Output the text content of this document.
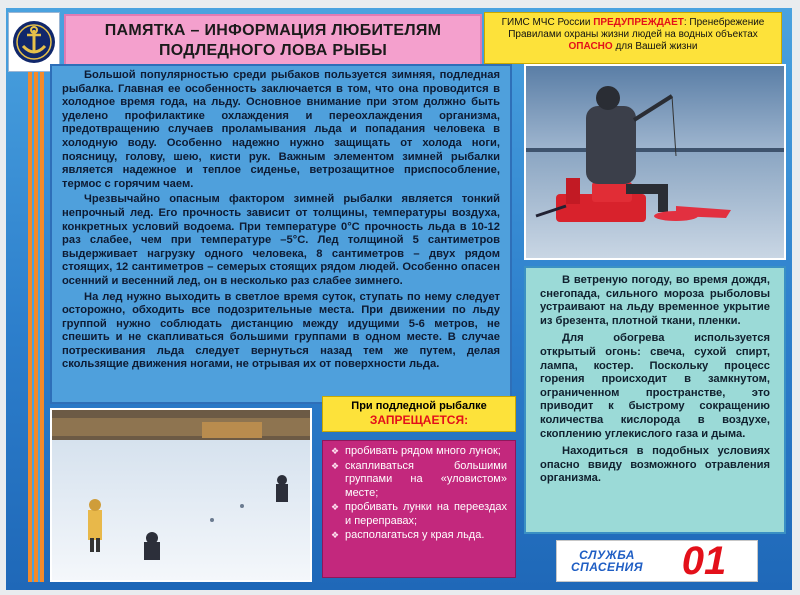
ПАМЯТКА – ИНФОРМАЦИЯ ЛЮБИТЕЛЯМ
ПОДЛЕДНОГО ЛОВА РЫБЫ
ГИМС МЧС России ПРЕДУПРЕЖДАЕТ: Пренебрежение Правилами охраны жизни людей на водных объектах ОПАСНО для Вашей жизни

Большой популярностью среди рыбаков пользуется зимняя, подледная рыбалка. Главная ее особенность заключается в том, что она проводится в холодное время года, на льду. Основное внимание при этом должно быть уделено профилактике охлаждения и переохлаждения организма, предотвращению случаев проламывания льда и попадания человека в холодную воду. Особенно надежно нужно защищать от холода ноги, поясницу, голову, шею, кисти рук. Важным элементом зимней рыбалки является надежное и теплое сиденье, ветрозащитное приспособление, термос с горячим чаем.

Чрезвычайно опасным фактором зимней рыбалки является тонкий непрочный лед. Его прочность зависит от толщины, температуры воздуха, конкретных условий водоема. При температуре 0°С прочность льда в 10-12 раз слабее, чем при температуре –5°С. Лед толщиной 5 сантиметров выдерживает нагрузку одного человека, 8 сантиметров – двух рядом стоящих, 12 сантиметров – семерых стоящих рядом людей. Особенно опасен осенний и весенний лед, он в несколько раз слабее зимнего.

На лед нужно выходить в светлое время суток, ступать по нему следует осторожно, обходить все подозрительные места. При движении по льду группой нужно соблюдать дистанцию между идущими 5-6 метров, не спешить и не скапливаться большими группами в одном месте. В случае потрескивания льда следует вернуться назад тем же путем, делая скользящие движения ногами, не отрывая их от поверхности льда.

В ветреную погоду, во время дождя, снегопада, сильного мороза рыболовы устраивают на льду временное укрытие из брезента, плотной ткани, пленки.

Для обогрева используется открытый огонь: свеча, сухой спирт, лампа, костер. Поскольку процесс горения происходит в замкнутом, ограниченном пространстве, это приводит к быстрому сокращению количества кислорода в воздухе, скоплению углекислого газа и дыма.

Находиться в подобных условиях опасно ввиду возможного отравления организма.

При подледной рыбалке
ЗАПРЕЩАЕТСЯ:
❖ пробивать рядом много лунок;
❖ скапливаться большими группами на «уловистом» месте;
❖ пробивать лунки на переездах и переправах;
❖ располагаться у края льда.
СЛУЖБА
СПАСЕНИЯ 01
